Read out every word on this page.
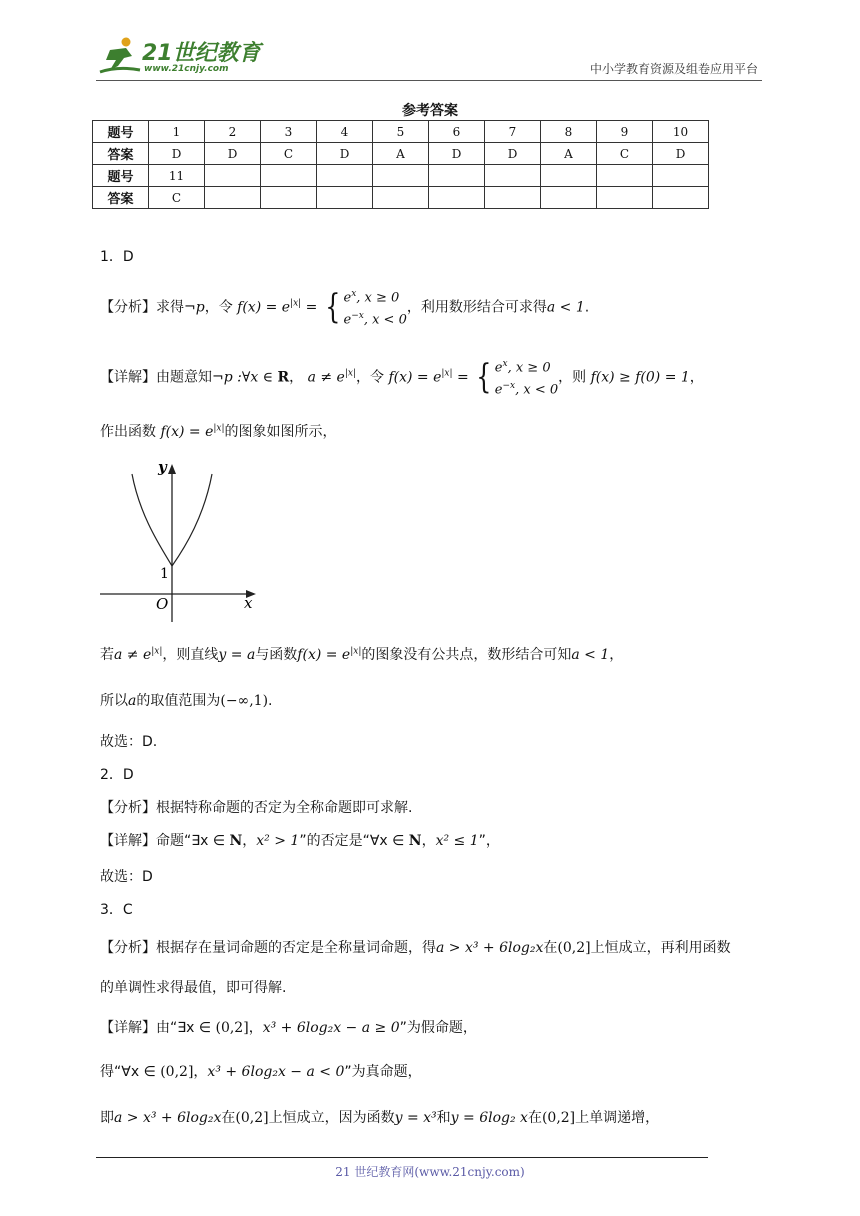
21世纪教育
www.21cnjy.com	中小学教育资源及组卷应用平台
参考答案
题号	1	2	3	4	5	6	7	8	9	10
答案	D	D	C	D	A	D	D	A	C	D
题号	11									
答案	C									
1．D
【分析】求得¬p，令 $f(x) = e^{|x|}$ = { $e^x$, x ≥ 0
$e^{-x}$, x < 0，利用数形结合可求得a < 1.
【详解】由题意知¬p :∀x ∈ R， $a \ne e^{|x|}$，令 $f(x) = e^{|x|}$ = { $e^x$, x ≥ 0
$e^{-x}$, x < 0，则 f(x) ≥ f(0) = 1，
作出函数 $f(x) = e^{|x|}$的图象如图所示，
y
x
O
1
若$a \ne e^{|x|}$，则直线y = a与函数$f(x) = e^{|x|}$的图象没有公共点，数形结合可知a < 1，
所以a的取值范围为(−∞,1).
故选：D.
2．D
【分析】根据特称命题的否定为全称命题即可求解.
【详解】命题“∃x ∈ N，x² > 1”的否定是“∀x ∈ N，x² ≤ 1”，
故选：D
3．C
【分析】根据存在量词命题的否定是全称量词命题，得a > x³ + 6log₂x在(0,2]上恒成立，再利用函数
的单调性求得最值，即可得解.
【详解】由“∃x ∈ (0,2]，x³ + 6log₂x − a ≥ 0”为假命题，
得“∀x ∈ (0,2]，x³ + 6log₂x − a < 0”为真命题，
即a > x³ + 6log₂x在(0,2]上恒成立，因为函数y = x³和y = 6log₂ x在(0,2]上单调递增，
21 世纪教育网(www.21cnjy.com)
